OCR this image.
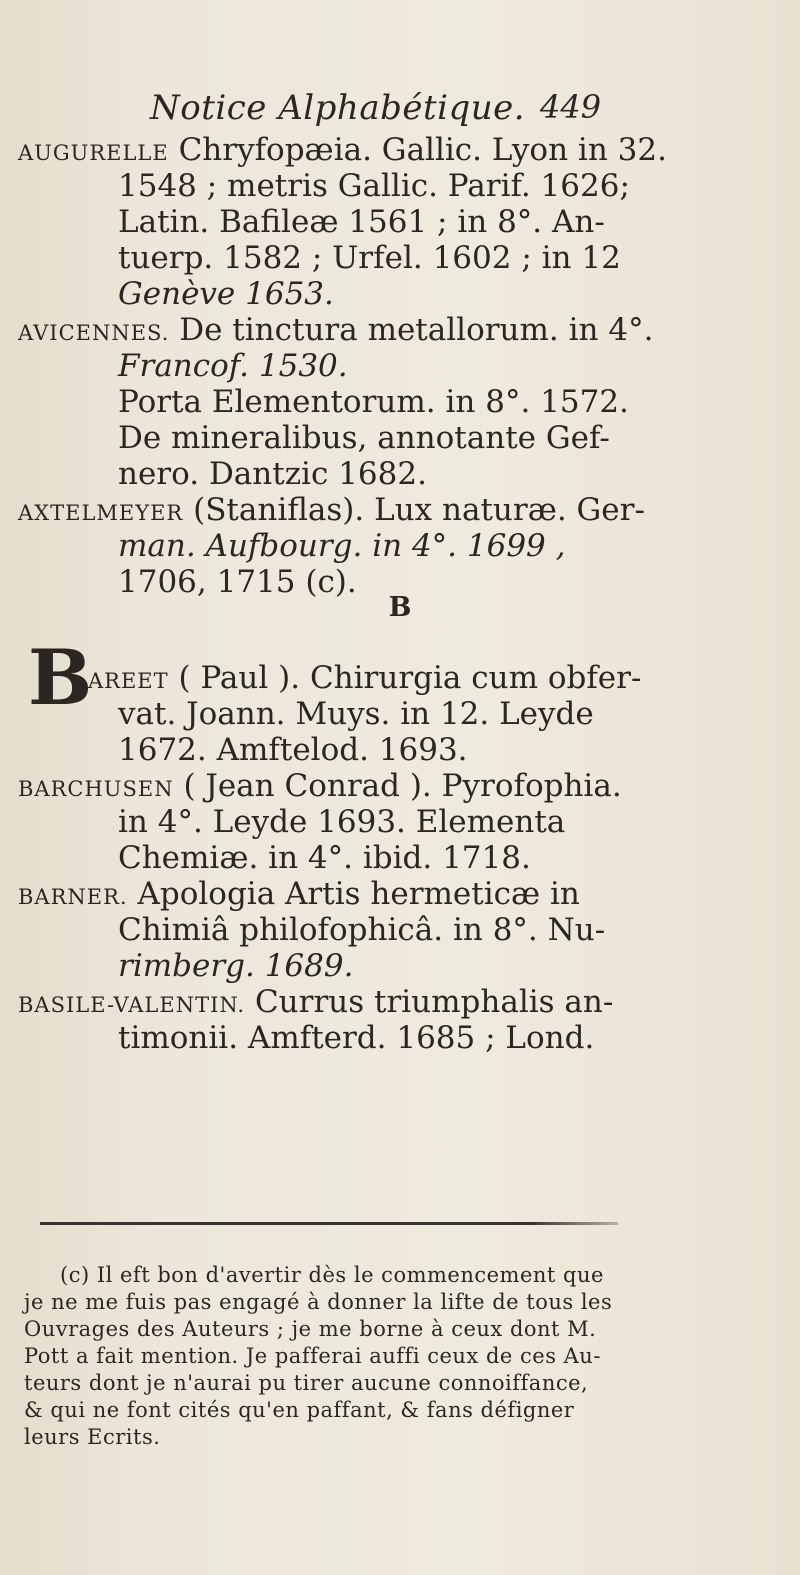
Notice Alphabétique. 449
AUGURELLE Chryfopæia. Gallic. Lyon in 32.
1548 ; metris Gallic. Parif. 1626;
Latin. Bafileæ 1561 ; in 8°. An-
tuerp. 1582 ; Urfel. 1602 ; in 12
Genève 1653.
AVICENNES. De tinctura metallorum. in 4°.
Francof. 1530.
Porta Elementorum. in 8°. 1572.
De mineralibus, annotante Gef-
nero. Dantzic 1682.
AXTELMEYER (Staniflas). Lux naturæ. Ger-
man. Aufbourg. in 4°. 1699 ,
1706, 1715 (c).
B
B
AREET ( Paul ). Chirurgia cum obfer-
vat. Joann. Muys. in 12. Leyde
1672. Amftelod. 1693.
BARCHUSEN ( Jean Conrad ). Pyrofophia.
in 4°. Leyde 1693. Elementa
Chemiæ. in 4°. ibid. 1718.
BARNER. Apologia Artis hermeticæ in
Chimiâ philofophicâ. in 8°. Nu-
rimberg. 1689.
BASILE-VALENTIN. Currus triumphalis an-
timonii. Amfterd. 1685 ; Lond.
(c) Il eft bon d'avertir dès le commencement que
je ne me fuis pas engagé à donner la lifte de tous les
Ouvrages des Auteurs ; je me borne à ceux dont M.
Pott a fait mention. Je pafferai auffi ceux de ces Au-
teurs dont je n'aurai pu tirer aucune connoiffance,
& qui ne font cités qu'en paffant, & fans défigner
leurs Ecrits.
